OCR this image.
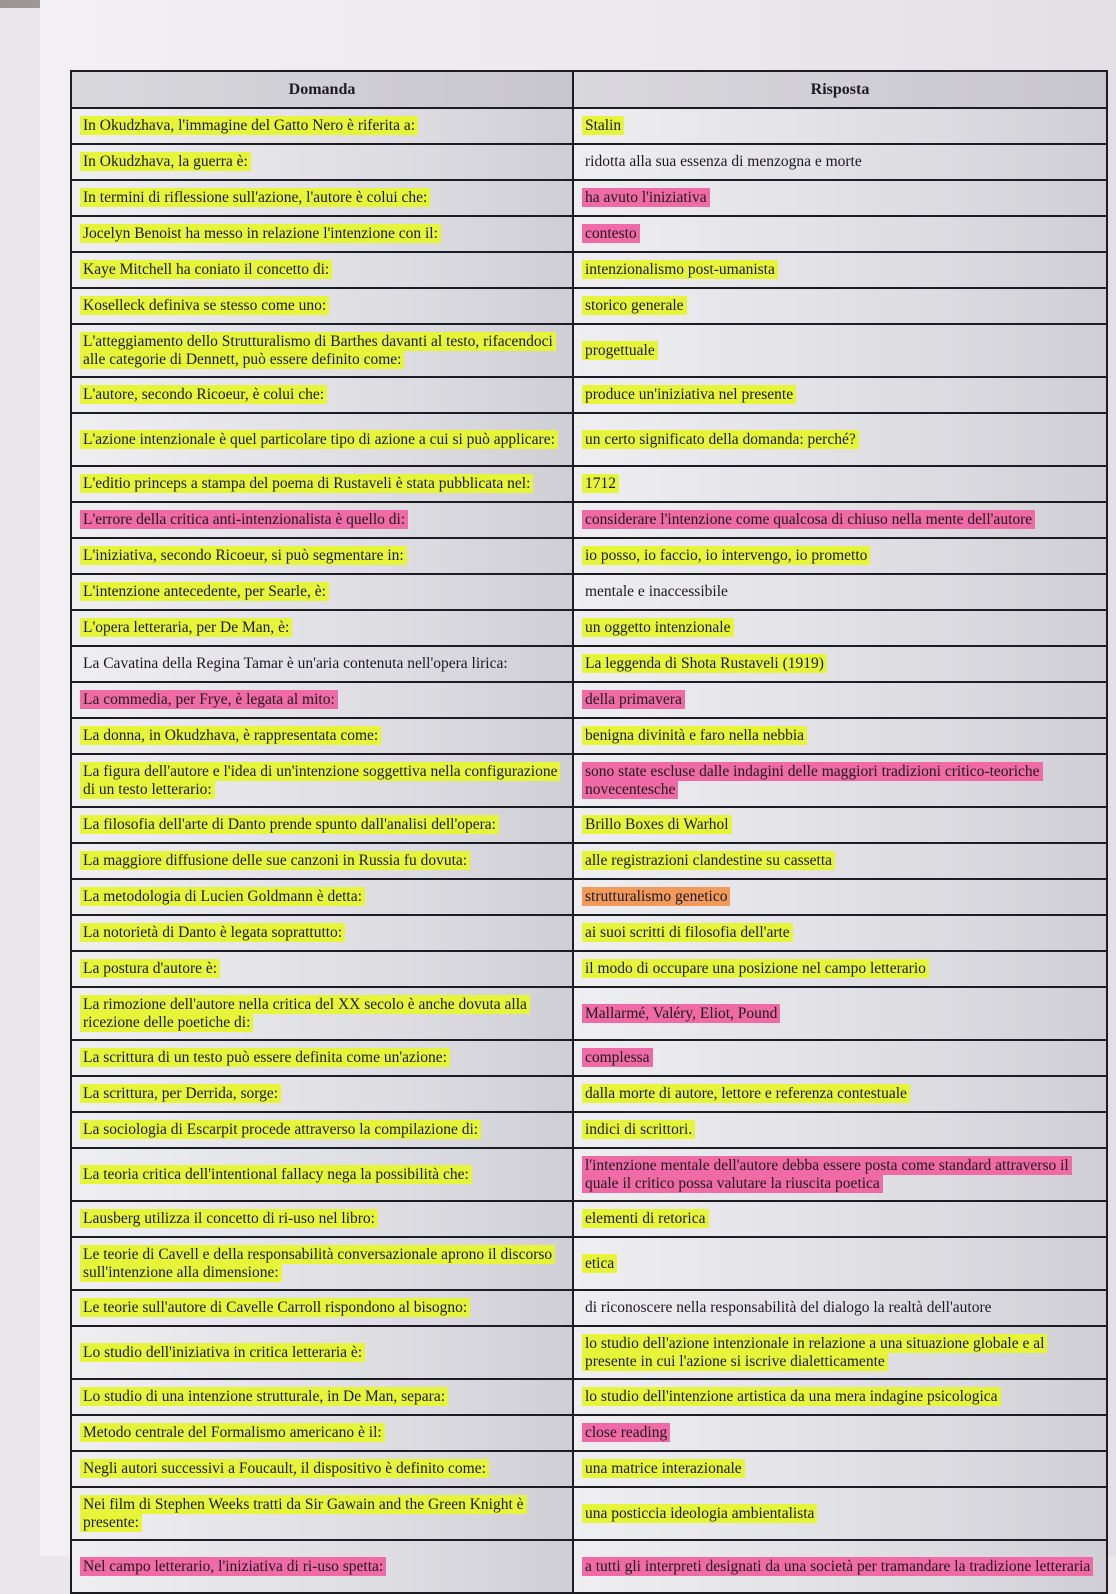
Domanda	Risposta
In Okudzhava, l'immagine del Gatto Nero è riferita a:	Stalin
In Okudzhava, la guerra è:	ridotta alla sua essenza di menzogna e morte
In termini di riflessione sull'azione, l'autore è colui che:	ha avuto l'iniziativa
Jocelyn Benoist ha messo in relazione l'intenzione con il:	contesto
Kaye Mitchell ha coniato il concetto di:	intenzionalismo post-umanista
Koselleck definiva se stesso come uno:	storico generale
L'atteggiamento dello Strutturalismo di Barthes davanti al testo, rifacendoci alle categorie di Dennett, può essere definito come:	progettuale
L'autore, secondo Ricoeur, è colui che:	produce un'iniziativa nel presente
L'azione intenzionale è quel particolare tipo di azione a cui si può applicare:	un certo significato della domanda: perché?
L'editio princeps a stampa del poema di Rustaveli è stata pubblicata nel:	1712
L'errore della critica anti-intenzionalista è quello di:	considerare l'intenzione come qualcosa di chiuso nella mente dell'autore
L'iniziativa, secondo Ricoeur, si può segmentare in:	io posso, io faccio, io intervengo, io prometto
L'intenzione antecedente, per Searle, è:	mentale e inaccessibile
L'opera letteraria, per De Man, è:	un oggetto intenzionale
La Cavatina della Regina Tamar è un'aria contenuta nell'opera lirica:	La leggenda di Shota Rustaveli (1919)
La commedia, per Frye, è legata al mito:	della primavera
La donna, in Okudzhava, è rappresentata come:	benigna divinità e faro nella nebbia
La figura dell'autore e l'idea di un'intenzione soggettiva nella configurazione di un testo letterario:	sono state escluse dalle indagini delle maggiori tradizioni critico-teoriche novecentesche
La filosofia dell'arte di Danto prende spunto dall'analisi dell'opera:	Brillo Boxes di Warhol
La maggiore diffusione delle sue canzoni in Russia fu dovuta:	alle registrazioni clandestine su cassetta
La metodologia di Lucien Goldmann è detta:	strutturalismo genetico
La notorietà di Danto è legata soprattutto:	ai suoi scritti di filosofia dell'arte
La postura d'autore è:	il modo di occupare una posizione nel campo letterario
La rimozione dell'autore nella critica del XX secolo è anche dovuta alla ricezione delle poetiche di:	Mallarmé, Valéry, Eliot, Pound
La scrittura di un testo può essere definita come un'azione:	complessa
La scrittura, per Derrida, sorge:	dalla morte di autore, lettore e referenza contestuale
La sociologia di Escarpit procede attraverso la compilazione di:	indici di scrittori.
La teoria critica dell'intentional fallacy nega la possibilità che:	l'intenzione mentale dell'autore debba essere posta come standard attraverso il quale il critico possa valutare la riuscita poetica
Lausberg utilizza il concetto di ri-uso nel libro:	elementi di retorica
Le teorie di Cavell e della responsabilità conversazionale aprono il discorso sull'intenzione alla dimensione:	etica
Le teorie sull'autore di Cavelle Carroll rispondono al bisogno:	di riconoscere nella responsabilità del dialogo la realtà dell'autore
Lo studio dell'iniziativa in critica letteraria è:	lo studio dell'azione intenzionale in relazione a una situazione globale e al presente in cui l'azione si iscrive dialetticamente
Lo studio di una intenzione strutturale, in De Man, separa:	lo studio dell'intenzione artistica da una mera indagine psicologica
Metodo centrale del Formalismo americano è il:	close reading
Negli autori successivi a Foucault, il dispositivo è definito come:	una matrice interazionale
Nei film di Stephen Weeks tratti da Sir Gawain and the Green Knight è presente:	una posticcia ideologia ambientalista
Nel campo letterario, l'iniziativa di ri-uso spetta:	a tutti gli interpreti designati da una società per tramandare la tradizione letteraria
